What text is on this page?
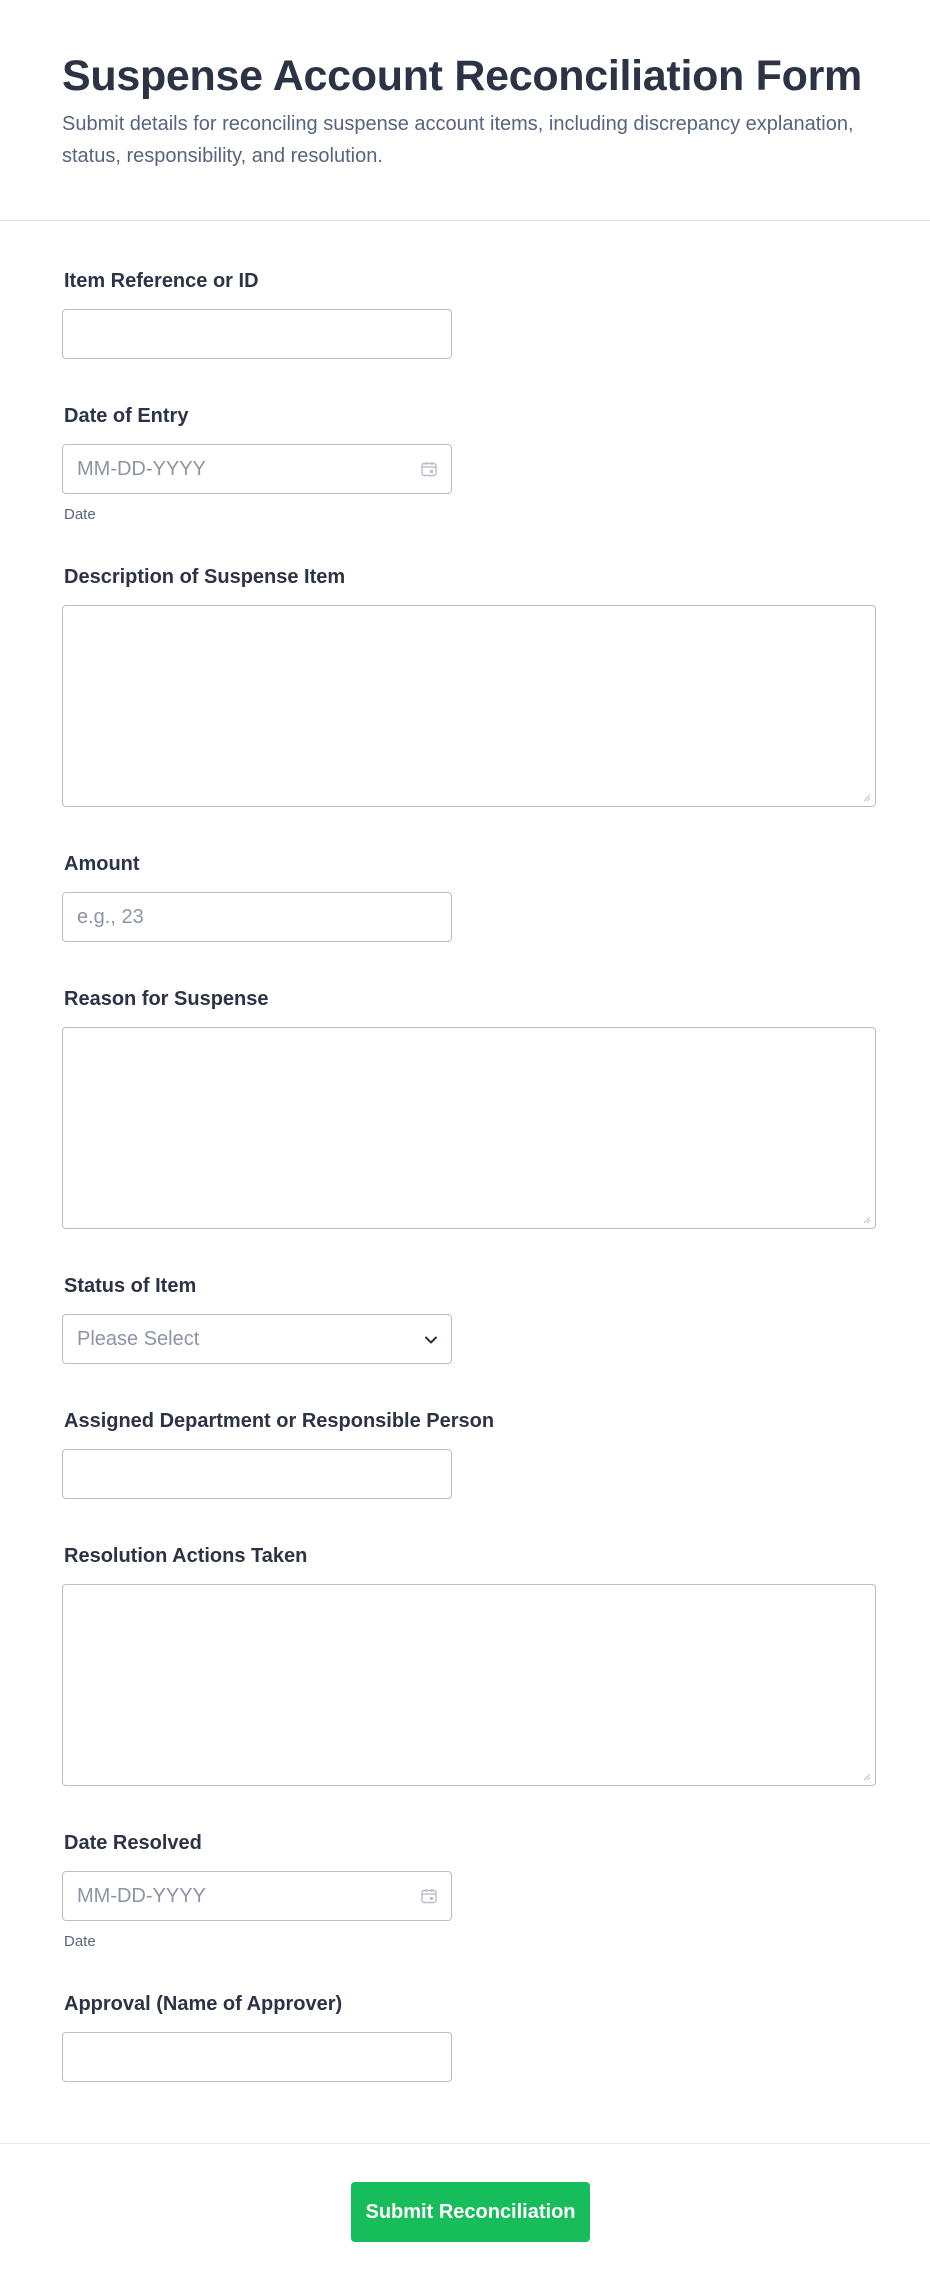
Suspense Account Reconciliation Form

Submit details for reconciling suspense account items, including discrepancy explanation, status, responsibility, and resolution.

Item Reference or ID
Date of Entry
MM-DD-YYYY
Date
Description of Suspense Item
Amount
e.g., 23
Reason for Suspense
Status of Item
Please Select
Assigned Department or Responsible Person
Resolution Actions Taken
Date Resolved
MM-DD-YYYY
Date
Approval (Name of Approver)
Submit Reconciliation
